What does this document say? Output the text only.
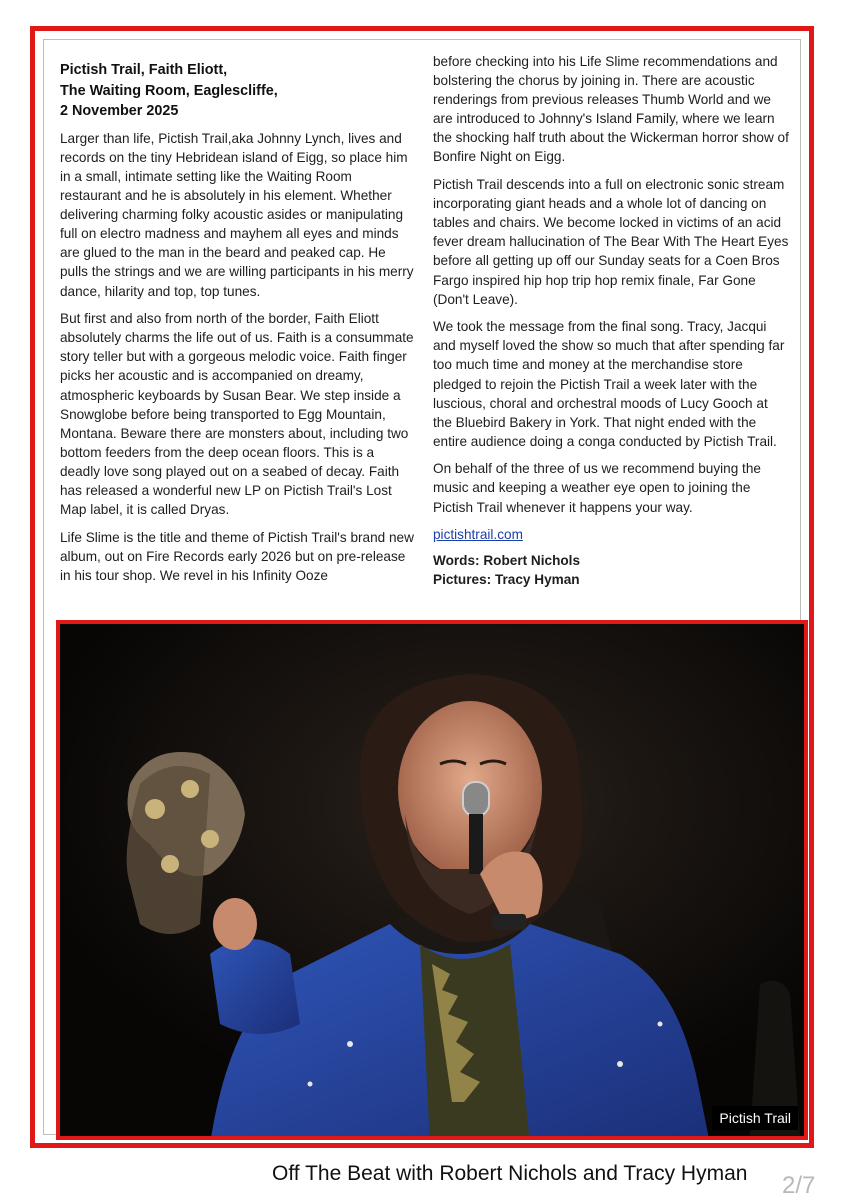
Pictish Trail, Faith Eliott,
The Waiting Room, Eaglescliffe,
2 November 2025

Larger than life, Pictish Trail,aka Johnny Lynch, lives and records on the tiny Hebridean island of Eigg, so place him in a small, intimate setting like the Waiting Room restaurant and he is absolutely in his element. Whether delivering charming folky acoustic asides or manipulating full on electro madness and mayhem all eyes and minds are glued to the man in the beard and peaked cap. He pulls the strings and we are willing participants in his merry dance, hilarity and top, top tunes.

But first and also from north of the border, Faith Eliott absolutely charms the life out of us. Faith is a consummate story teller but with a gorgeous melodic voice. Faith finger picks her acoustic and is accompanied on dreamy, atmospheric keyboards by Susan Bear. We step inside a Snowglobe before being transported to Egg Mountain, Montana. Beware there are monsters about, including two bottom feeders from the deep ocean floors. This is a deadly love song played out on a seabed of decay. Faith has released a wonderful new LP on Pictish Trail's Lost Map label, it is called Dryas.

Life Slime is the title and theme of Pictish Trail's brand new album, out on Fire Records early 2026 but on pre-release in his tour shop. We revel in his Infinity Ooze

before checking into his Life Slime recommendations and bolstering the chorus by joining in. There are acoustic renderings from previous releases Thumb World and we are introduced to Johnny's Island Family, where we learn the shocking half truth about the Wickerman horror show of Bonfire Night on Eigg.

Pictish Trail descends into a full on electronic sonic stream incorporating giant heads and a whole lot of dancing on tables and chairs. We become locked in victims of an acid fever dream hallucination of The Bear With The Heart Eyes before all getting up off our Sunday seats for a Coen Bros Fargo inspired hip hop trip hop remix finale, Far Gone (Don't Leave).

We took the message from the final song. Tracy, Jacqui and myself loved the show so much that after spending far too much time and money at the merchandise store pledged to rejoin the Pictish Trail a week later with the luscious, choral and orchestral moods of Lucy Gooch at the Bluebird Bakery in York. That night ended with the entire audience doing a conga conducted by Pictish Trail.

On behalf of the three of us we recommend buying the music and keeping a weather eye open to joining the Pictish Trail whenever it happens your way.

pictishtrail.com
Words: Robert Nichols
Pictures: Tracy Hyman
Pictish Trail
Off The Beat with Robert Nichols and Tracy Hyman 2/7
